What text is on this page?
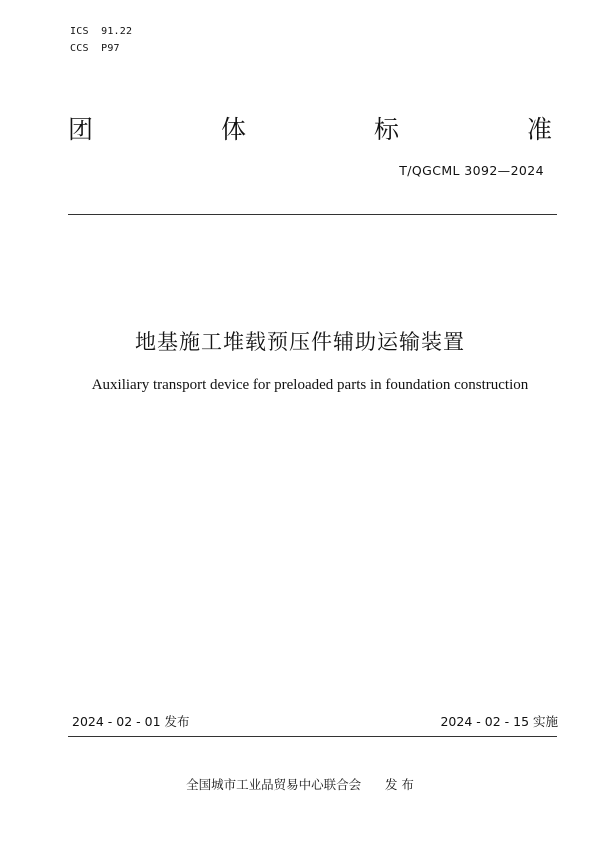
ICS  91.22
CCS  P97
团	体	标	准
T/QGCML 3092—2024
地基施工堆载预压件辅助运输装置
Auxiliary transport device for preloaded parts in foundation construction
2024 - 02 - 01 发布	2024 - 02 - 15 实施
全国城市工业品贸易中心联合会 发 布
